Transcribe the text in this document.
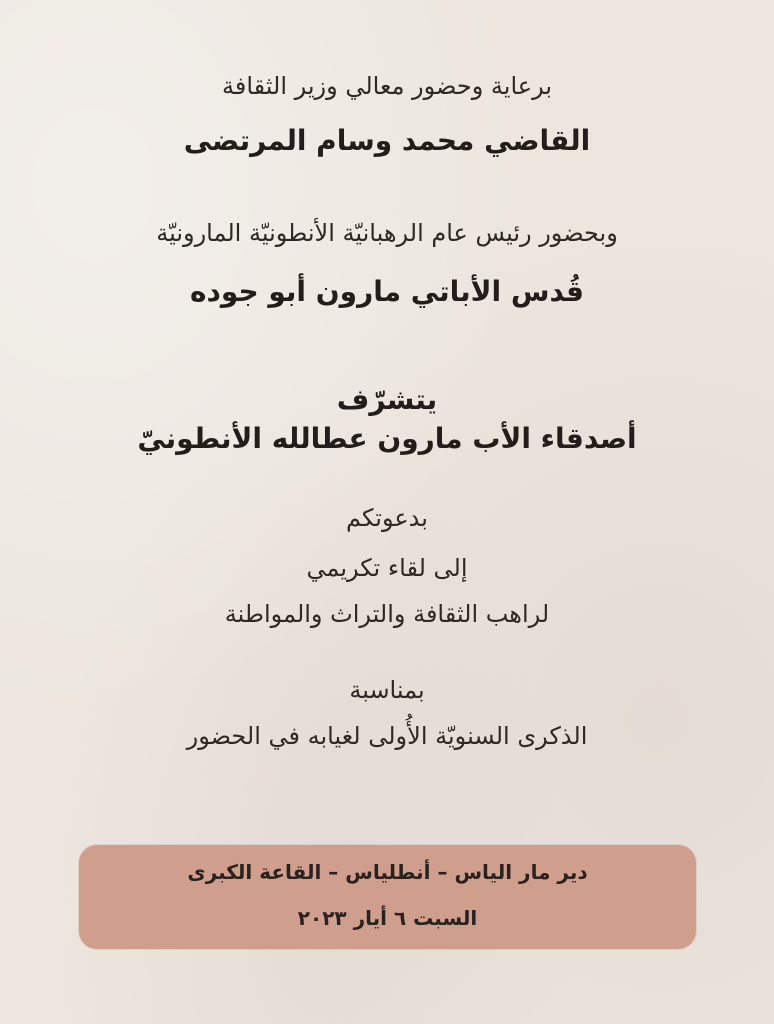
برعاية وحضور معالي وزير الثقافة
القاضي محمد وسام المرتضى
وبحضور رئيس عام الرهبانيّة الأنطونيّة المارونيّة
قُدس الأباتي مارون أبو جوده
يتشرّف
أصدقاء الأب مارون عطالله الأنطونيّ
بدعوتكم
إلى لقاء تكريمي
لراهب الثقافة والتراث والمواطنة
بمناسبة
الذكرى السنويّة الأُولى لغيابه في الحضور
دير مار الياس – أنطلياس – القاعة الكبرى
السبت ٦ أيار ٢٠٢٣
